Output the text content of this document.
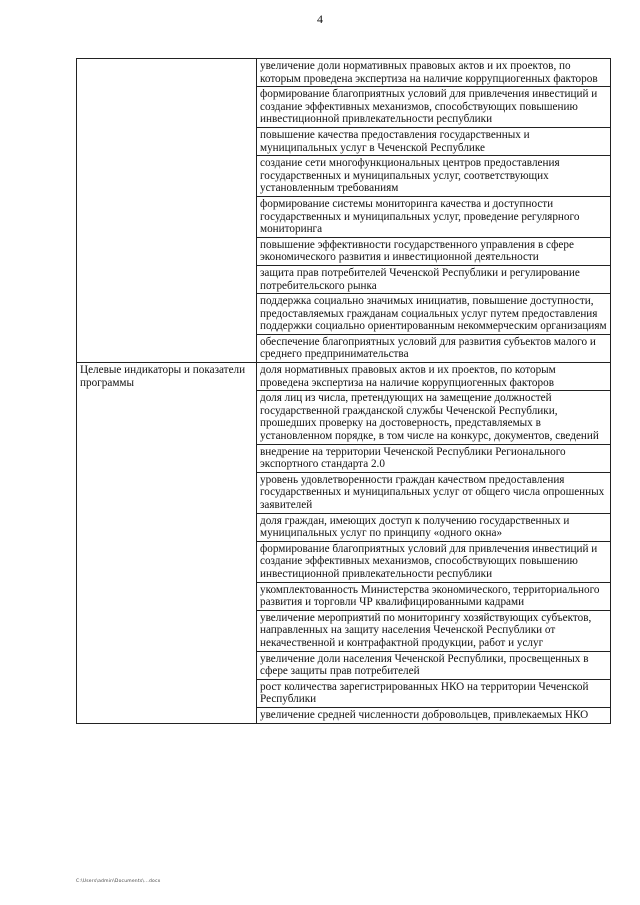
4
	увеличение доли нормативных правовых актов и их проектов, по которым проведена экспертиза на наличие коррупциогенных факторов
	формирование благоприятных условий для привлечения инвестиций и создание эффективных механизмов, способствующих повышению инвестиционной привлекательности республики
	повышение качества предоставления государственных и муниципальных услуг в Чеченской Республике
	создание сети многофункциональных центров предоставления государственных и муниципальных услуг, соответствующих установленным требованиям
	формирование системы мониторинга качества и доступности государственных и муниципальных услуг, проведение регулярного мониторинга
	повышение эффективности государственного управления в сфере экономического развития и инвестиционной деятельности
	защита прав потребителей Чеченской Республики и регулирование потребительского рынка
	поддержка социально значимых инициатив, повышение доступности, предоставляемых гражданам социальных услуг путем предоставления поддержки социально ориентированным некоммерческим организациям
	обеспечение благоприятных условий для развития субъектов малого и среднего предпринимательства
Целевые индикаторы и показатели программы	доля нормативных правовых актов и их проектов, по которым проведена экспертиза на наличие коррупциогенных факторов
	доля лиц из числа, претендующих на замещение должностей государственной гражданской службы Чеченской Республики, прошедших проверку на достоверность, представляемых в установленном порядке, в том числе на конкурс, документов, сведений
	внедрение на территории Чеченской Республики Регионального экспортного стандарта 2.0
	уровень удовлетворенности граждан качеством предоставления государственных и муниципальных услуг от общего числа опрошенных заявителей
	доля граждан, имеющих доступ к получению государственных и муниципальных услуг по принципу «одного окна»
	формирование благоприятных условий для привлечения инвестиций и создание эффективных механизмов, способствующих повышению инвестиционной привлекательности республики
	укомплектованность Министерства экономического, территориального развития и торговли ЧР квалифицированными кадрами
	увеличение мероприятий по мониторингу хозяйствующих субъектов, направленных на защиту населения Чеченской Республики от некачественной и контрафактной продукции, работ и услуг
	увеличение доли населения Чеченской Республики, просвещенных в сфере защиты прав потребителей
	рост количества зарегистрированных НКО на территории Чеченской Республики
	увеличение средней численности добровольцев, привлекаемых НКО
C:\Users\admin\Documents\...docx
